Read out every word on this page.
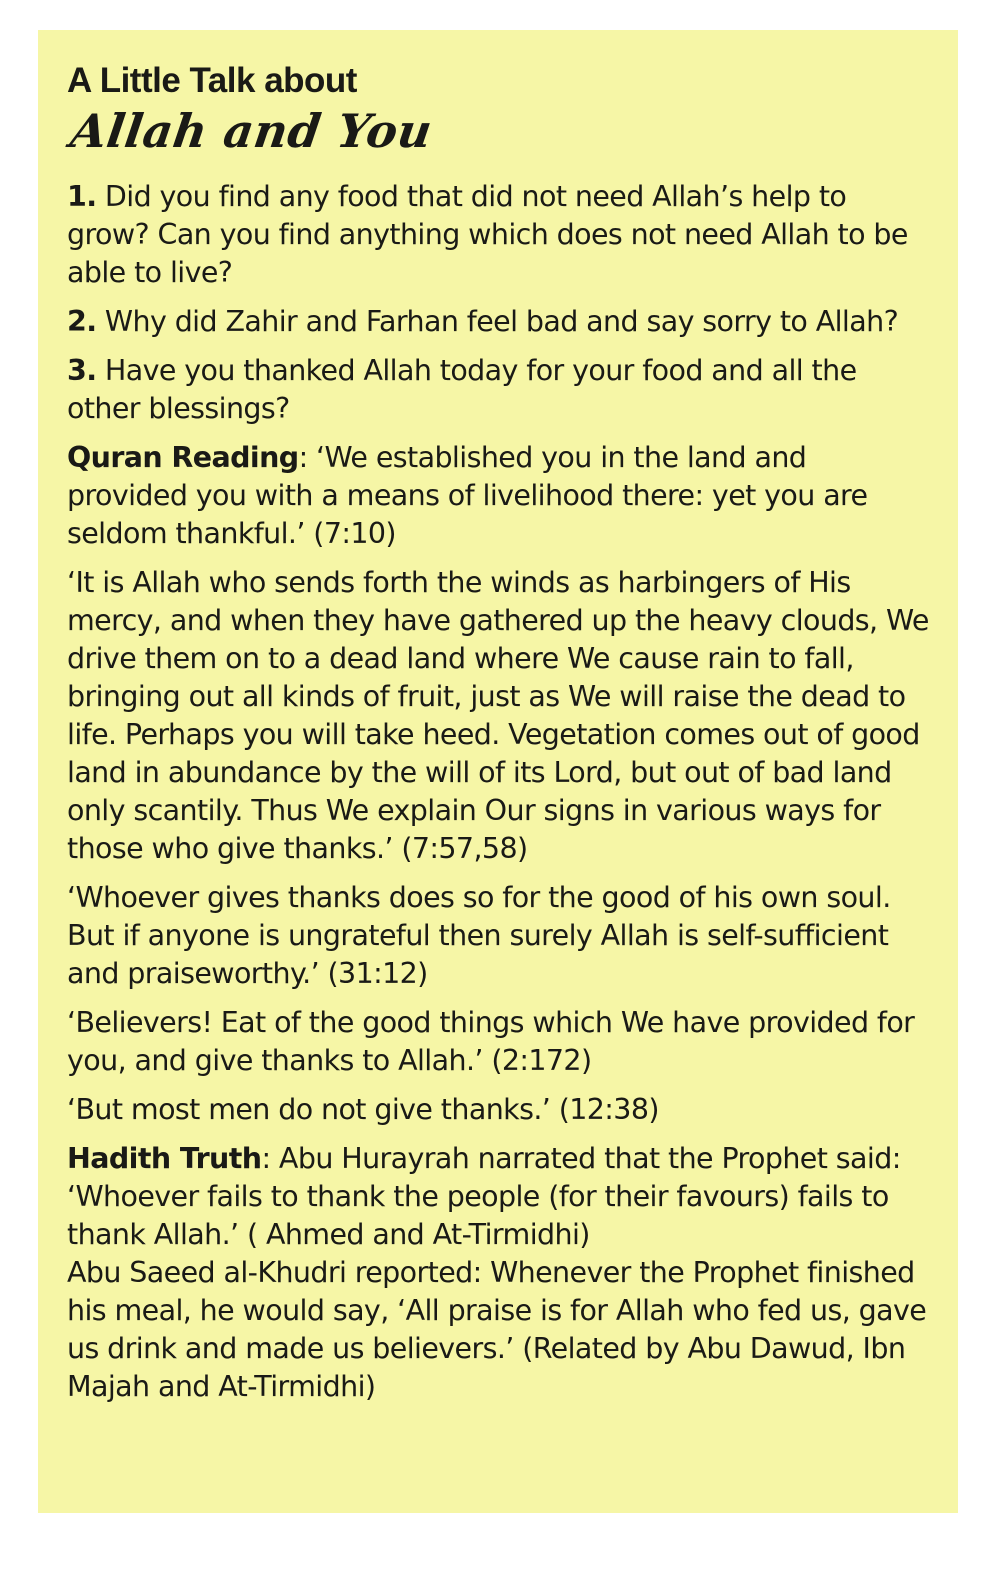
A Little Talk about
Allah and You

1. Did you find any food that did not need Allah’s help to grow? Can you find anything which does not need Allah to be able to live?

2. Why did Zahir and Farhan feel bad and say sorry to Allah?

3. Have you thanked Allah today for your food and all the other blessings?

Quran Reading: ‘We established you in the land and provided you with a means of livelihood there: yet you are seldom thankful.’ (7:10)

‘It is Allah who sends forth the winds as harbingers of His mercy, and when they have gathered up the heavy clouds, We drive them on to a dead land where We cause rain to fall, bringing out all kinds of fruit, just as We will raise the dead to life. Perhaps you will take heed. Vegetation comes out of good land in abundance by the will of its Lord, but out of bad land only scantily. Thus We explain Our signs in various ways for those who give thanks.’ (7:57,58)

‘Whoever gives thanks does so for the good of his own soul. But if anyone is ungrateful then surely Allah is self-sufficient and praiseworthy.’ (31:12)

‘Believers! Eat of the good things which We have provided for you, and give thanks to Allah.’ (2:172)

‘But most men do not give thanks.’ (12:38)

Hadith Truth: Abu Hurayrah narrated that the Prophet said: ‘Whoever fails to thank the people (for their favours) fails to thank Allah.’ ( Ahmed and At-Tirmidhi)

Abu Saeed al-Khudri reported: Whenever the Prophet finished his meal, he would say, ‘All praise is for Allah who fed us, gave us drink and made us believers.’ (Related by Abu Dawud, Ibn Majah and At-Tirmidhi)
